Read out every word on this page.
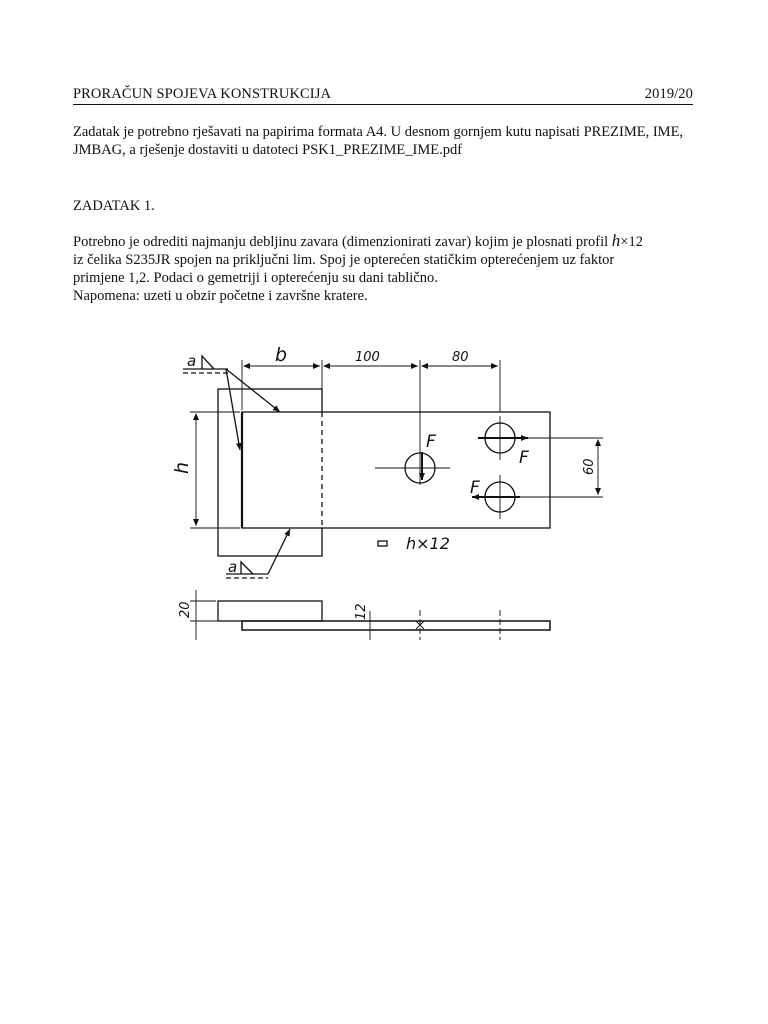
PRORAČUN SPOJEVA KONSTRUKCIJA	2019/20
Zadatak je potrebno rješavati na papirima formata A4. U desnom gornjem kutu napisati PREZIME, IME, JMBAG, a rješenje dostaviti u datoteci PSK1_PREZIME_IME.pdf
ZADATAK 1.

Potrebno je odrediti najmanju debljinu zavara (dimenzionirati zavar) kojim je plosnati profil h×12

iz čelika S235JR spojen na priključni lim. Spoj je opterećen statičkim opterećenjem uz faktor

primjene 1,2. Podaci o gemetriji i opterećenju su dani tablično.

Napomena: uzeti u obzir početne i završne kratere.

a
a
b	100	80
h	60
F
F
F
h×12
20	12
